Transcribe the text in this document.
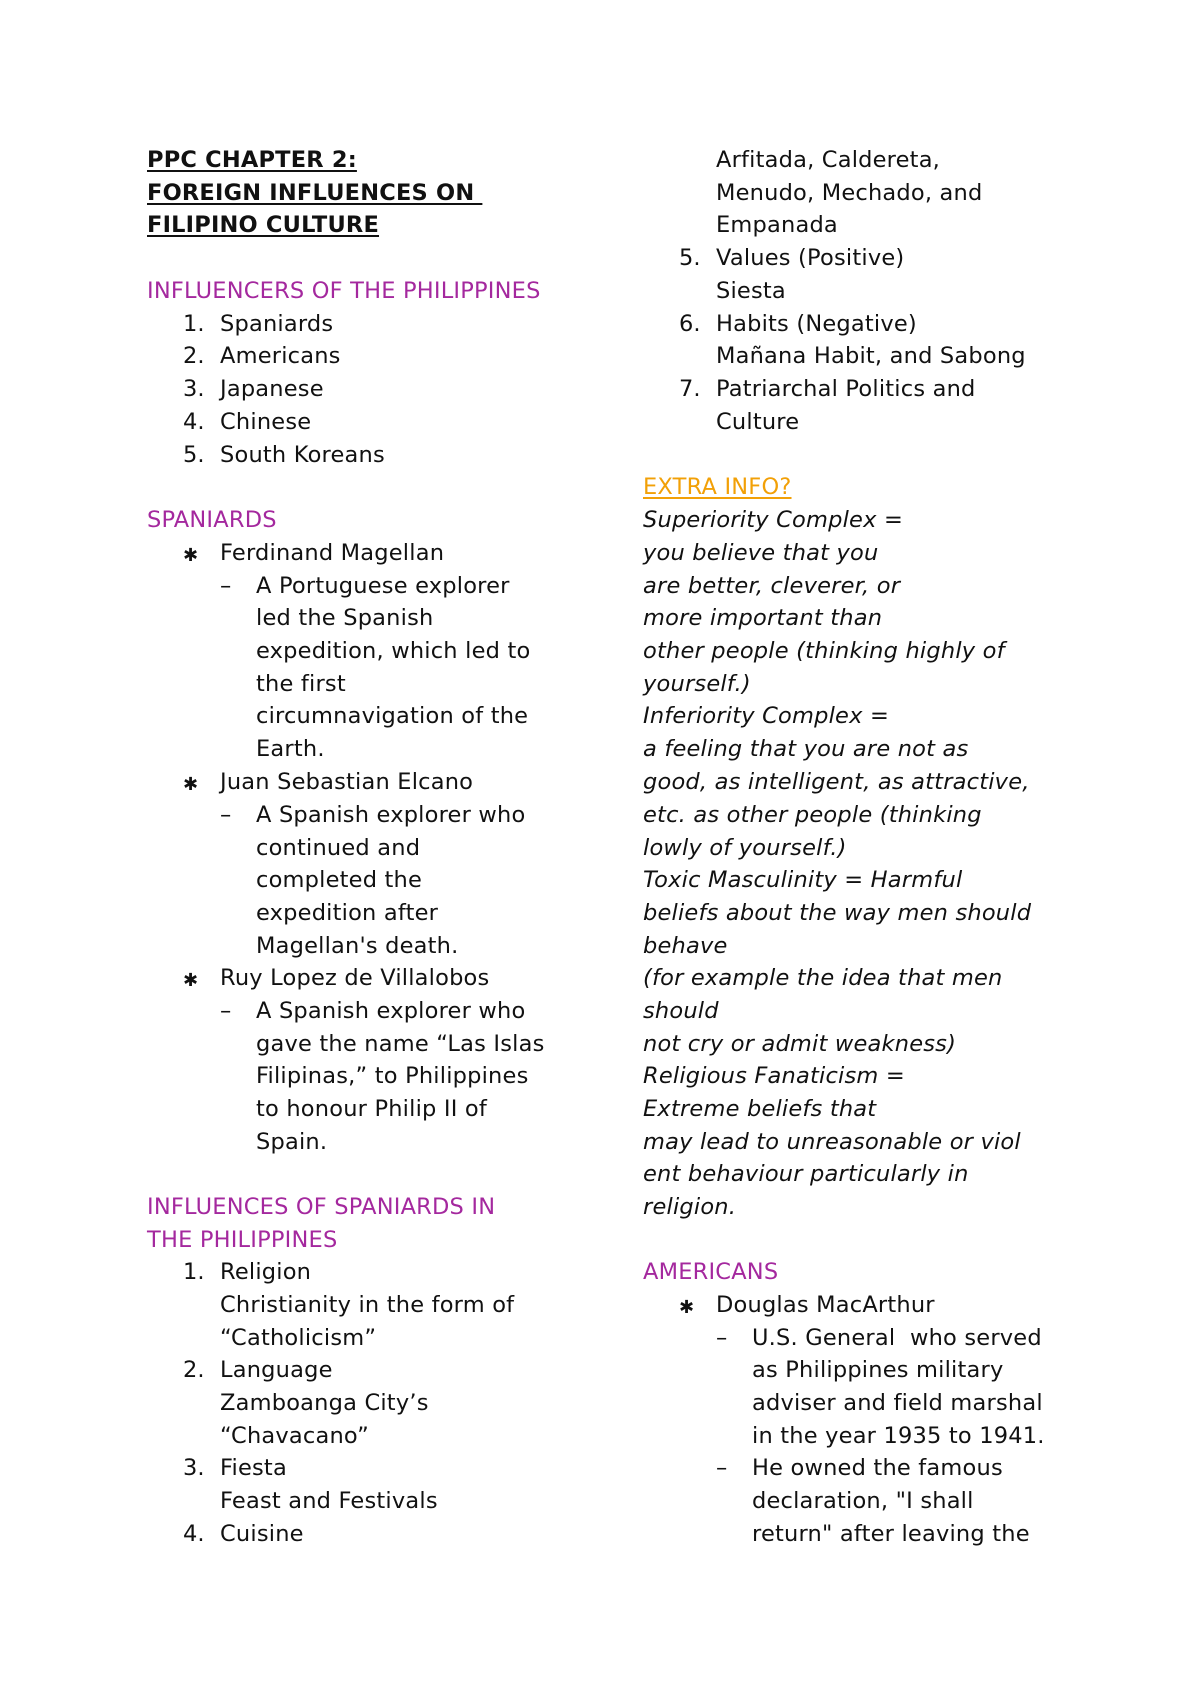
PPC CHAPTER 2:
FOREIGN INFLUENCES ON
FILIPINO CULTURE
INFLUENCERS OF THE PHILIPPINES
1. Spaniards
2. Americans
3. Japanese
4. Chinese
5. South Koreans
SPANIARDS
✱ Ferdinand Magellan
– A Portuguese explorer
led the Spanish
expedition, which led to
the first
circumnavigation of the
Earth.
✱ Juan Sebastian Elcano
– A Spanish explorer who
continued and
completed the
expedition after
Magellan's death.
✱ Ruy Lopez de Villalobos
– A Spanish explorer who
gave the name “Las Islas
Filipinas,” to Philippines
to honour Philip II of
Spain.
INFLUENCES OF SPANIARDS IN
THE PHILIPPINES
1. Religion
Christianity in the form of
“Catholicism”
2. Language
Zamboanga City’s
“Chavacano”
3. Fiesta
Feast and Festivals
4. Cuisine
Arfitada, Caldereta,
Menudo, Mechado, and
Empanada
5. Values (Positive)
Siesta
6. Habits (Negative)
Mañana Habit, and Sabong
7. Patriarchal Politics and
Culture
EXTRA INFO?
Superiority Complex =
you believe that you
are better, cleverer, or
more important than
other people (thinking highly of
yourself.)
Inferiority Complex =
a feeling that you are not as
good, as intelligent, as attractive,
etc. as other people (thinking
lowly of yourself.)
Toxic Masculinity = Harmful
beliefs about the way men should
behave
(for example the idea that men
should
not cry or admit weakness)
Religious Fanaticism =
Extreme beliefs that
may lead to unreasonable or viol
ent behaviour particularly in
religion.
AMERICANS
✱ Douglas MacArthur
– U.S. General  who served
as Philippines military
adviser and field marshal
in the year 1935 to 1941.
– He owned the famous
declaration, "I shall
return" after leaving the
